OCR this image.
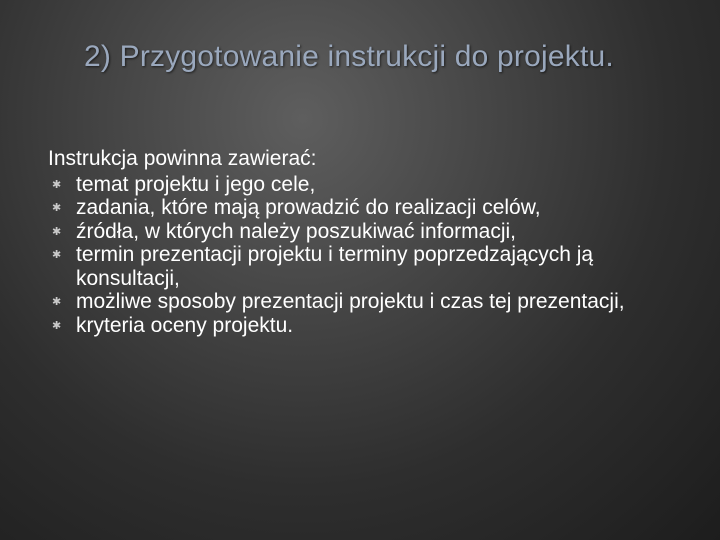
2) Przygotowanie instrukcji do projektu.

Instrukcja powinna zawierać:

✱ temat projektu i jego cele,
✱ zadania, które mają prowadzić do realizacji celów,
✱ źródła, w których należy poszukiwać informacji,
✱ termin prezentacji projektu i terminy poprzedzających ją konsultacji,
✱ możliwe sposoby prezentacji projektu i czas tej prezentacji,
✱ kryteria oceny projektu.
